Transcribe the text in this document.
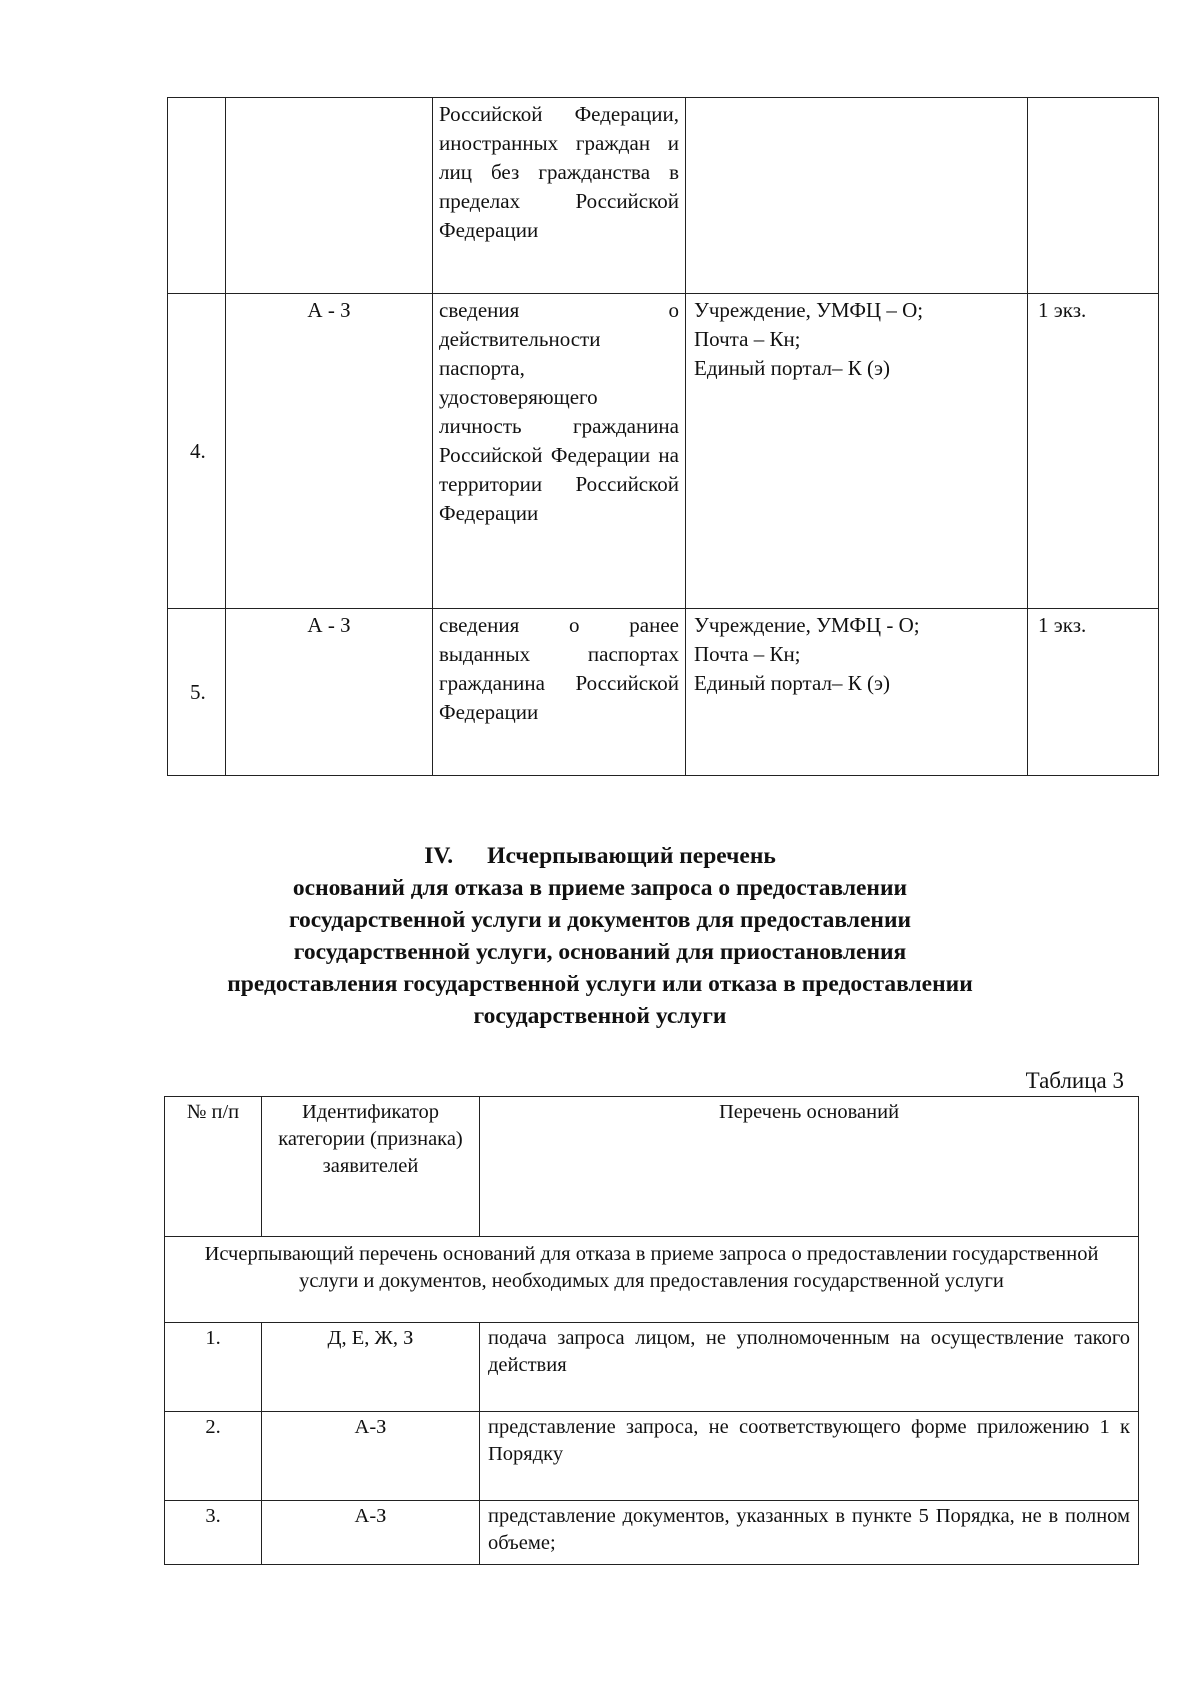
		Российской Федерации, иностранных граждан и лиц без гражданства в пределах Российской Федерации		
4.	А - З	сведения о действительности паспорта, удостоверяющего личность гражданина Российской Федерации на территории Российской Федерации	Учреждение, УМФЦ – О;
Почта – Кн;
Единый портал– К (э)	1 экз.
5.	А - З	сведения о ранее выданных паспортах гражданина Российской Федерации	Учреждение, УМФЦ - О;
Почта – Кн;
Единый портал– К (э)	1 экз.
IV. Исчерпывающий перечень
оснований для отказа в приеме запроса о предоставлении
государственной услуги и документов для предоставлении
государственной услуги, оснований для приостановления
предоставления государственной услуги или отказа в предоставлении
государственной услуги
Таблица 3
№ п/п	Идентификатор категории (признака) заявителей	Перечень оснований
Исчерпывающий перечень оснований для отказа в приеме запроса о предоставлении государственной услуги и документов, необходимых для предоставления государственной услуги		
1.	Д, Е, Ж, З	подача запроса лицом, не уполномоченным на осуществление такого действия
2.	А-З	представление запроса, не соответствующего форме приложению 1 к Порядку
3.	А-З	представление документов, указанных в пункте 5 Порядка, не в полном объеме;
